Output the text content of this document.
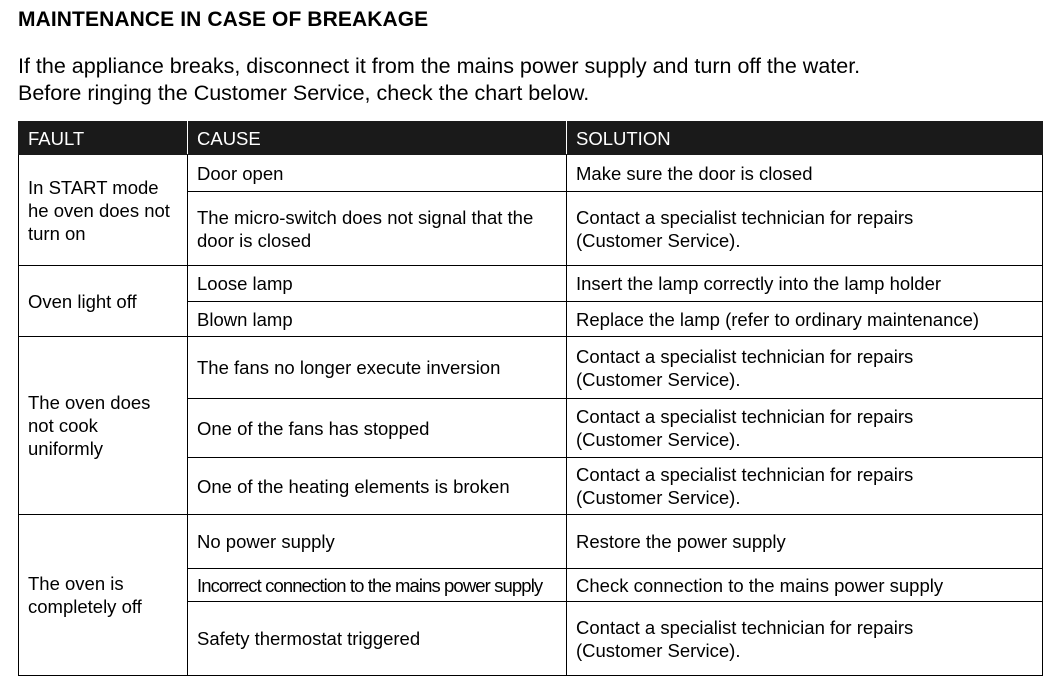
MAINTENANCE IN CASE OF BREAKAGE
If the appliance breaks, disconnect it from the mains power supply and turn off the water.
Before ringing the Customer Service, check the chart below.
FAULT	CAUSE	SOLUTION

In START mode he oven does not turn on	Door open	Make sure the door is closed

	The micro-switch does not signal that the door is closed	Contact a specialist technician for repairs (Customer Service).

Oven light off	Loose lamp	Insert the lamp correctly into the lamp holder
	Blown lamp	Replace the lamp (refer to ordinary maintenance)

The oven does not cook uniformly	The fans no longer execute inversion	Contact a specialist technician for repairs (Customer Service).

	One of the fans has stopped	Contact a specialist technician for repairs (Customer Service).

	One of the heating elements is broken	Contact a specialist technician for repairs (Customer Service).

The oven is completely off	No power supply	Restore the power supply
	Incorrect connection to the mains power supply	Check connection to the mains power supply
	Safety thermostat triggered	Contact a specialist technician for repairs (Customer Service).
